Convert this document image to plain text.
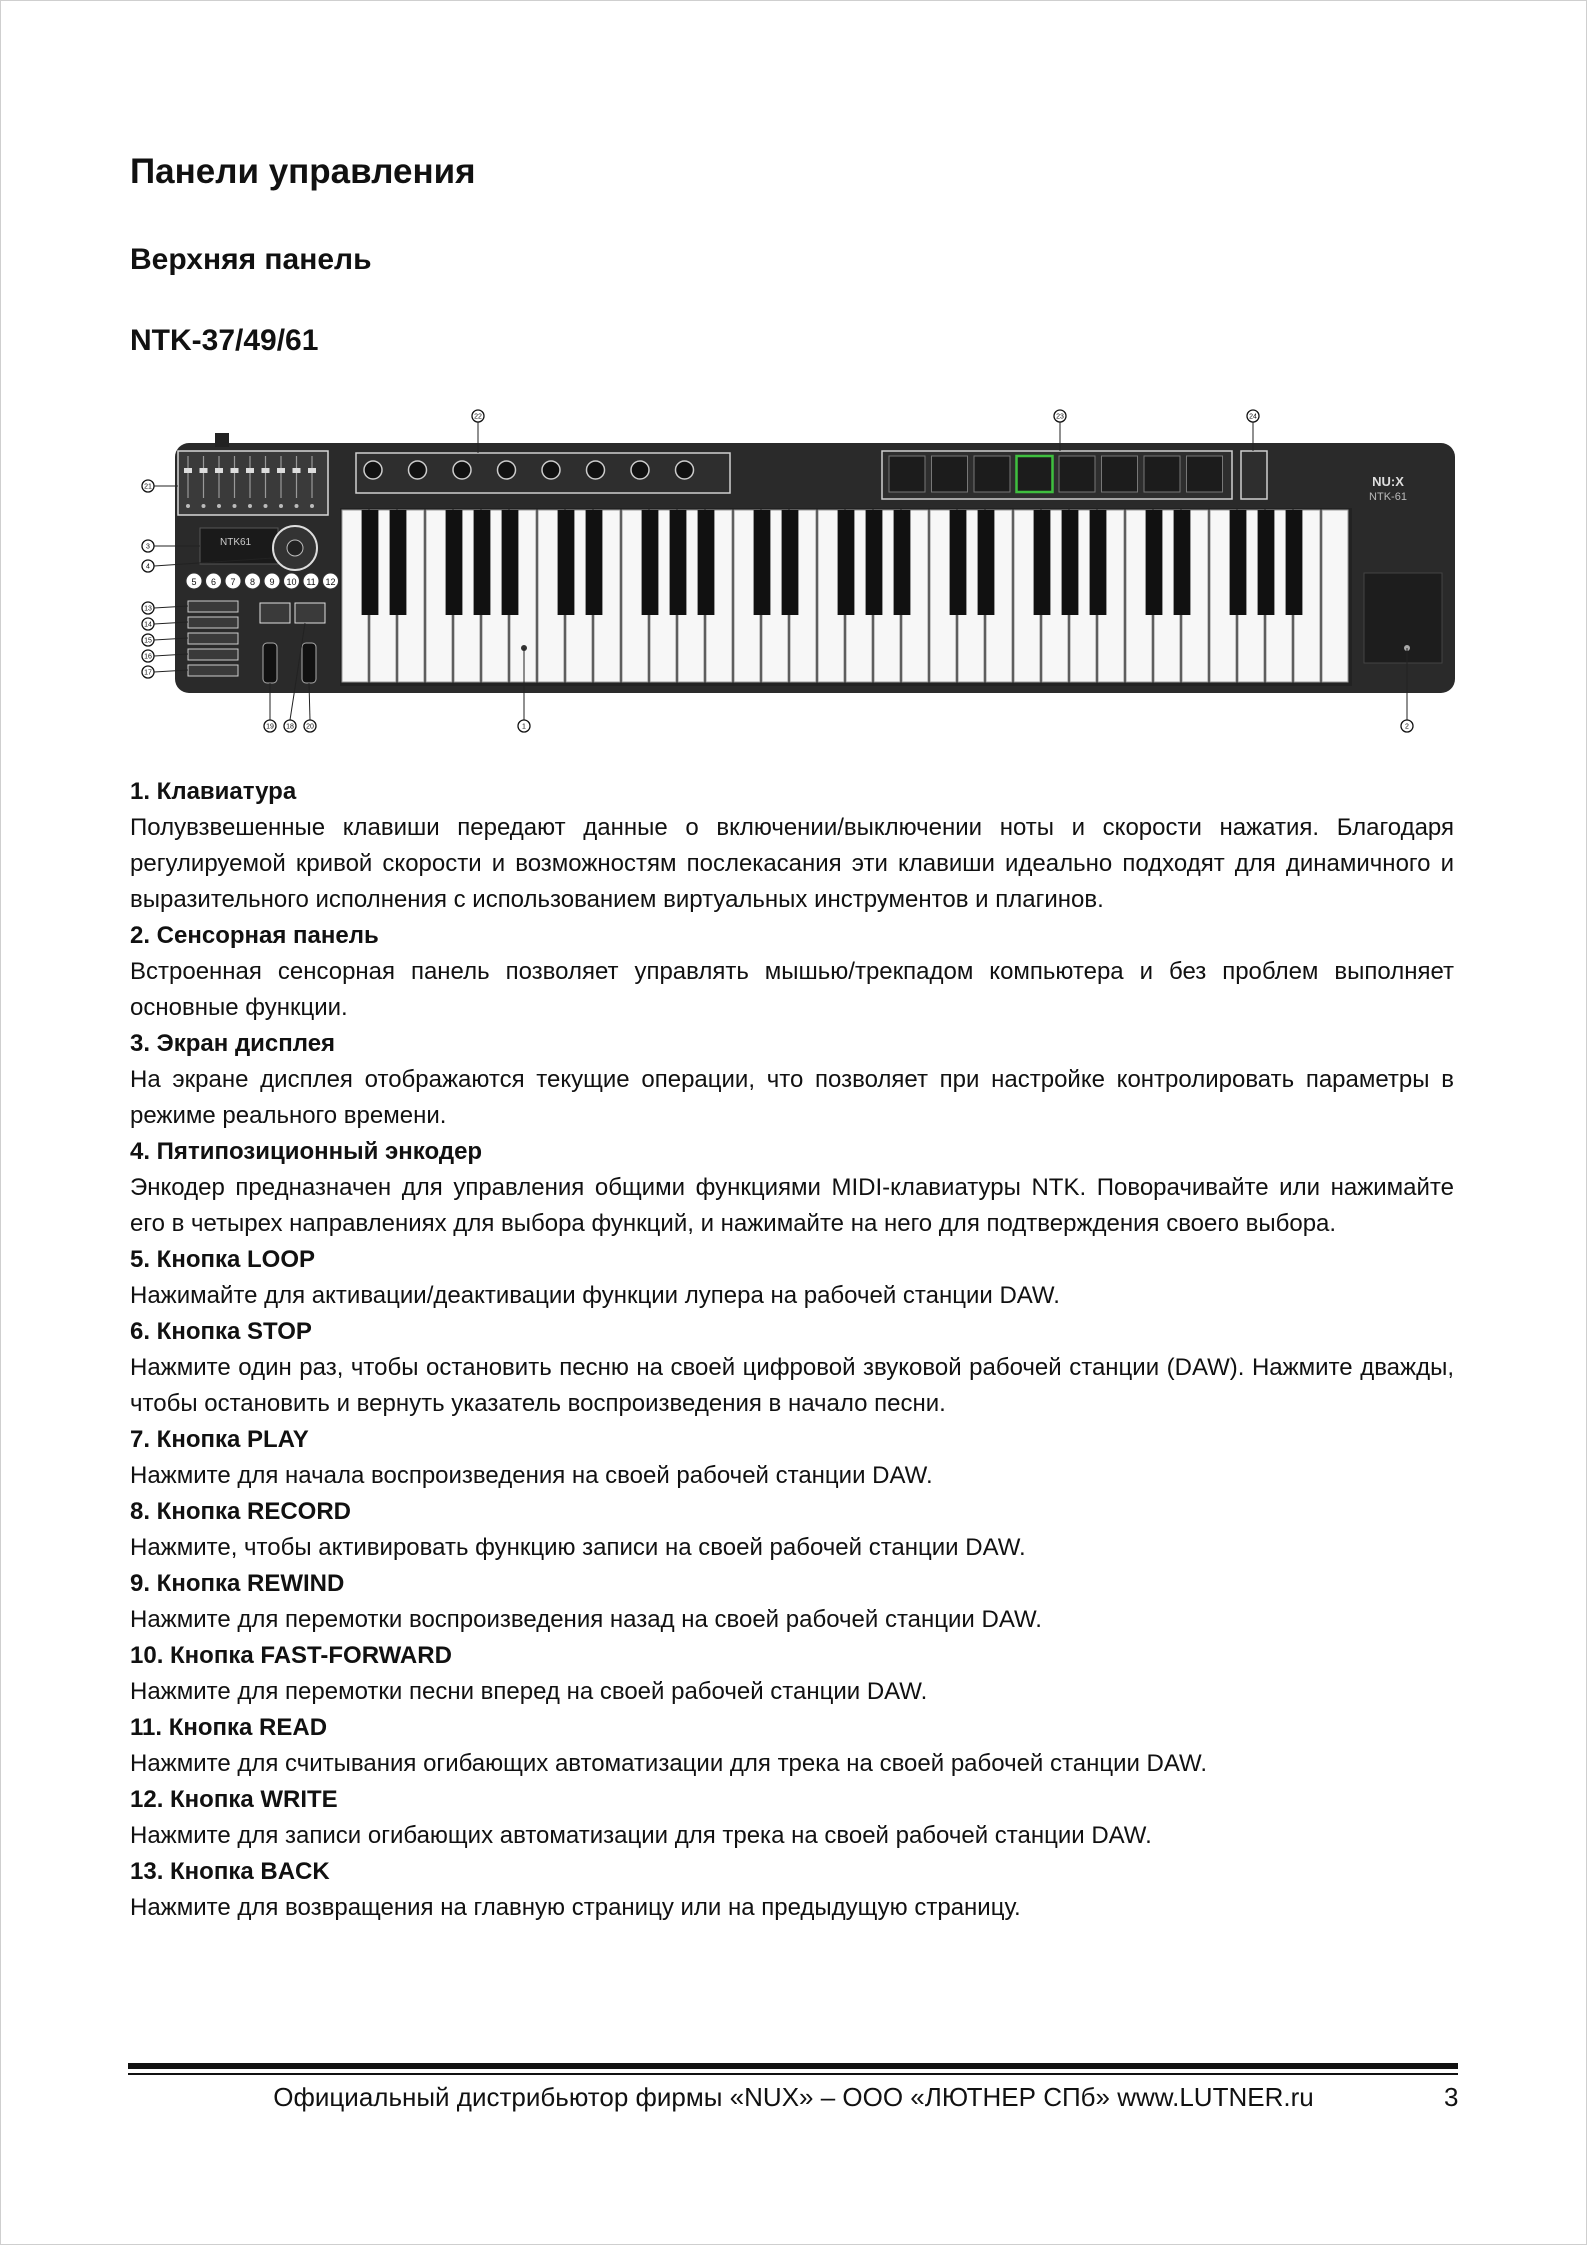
Панели управления
Верхняя панель
NTK-37/49/61
NU:X
NTK-61
NTK61
5 6 7 8 9 10 11 12
1	2
3
4
13
14
15
16
17
19 18 20
21
22	23	24
1. Клавиатура
Полувзвешенные клавиши передают данные о включении/выключении ноты и скорости нажатия. Благодаря регулируемой кривой скорости и возможностям послекасания эти клавиши идеально подходят для динамичного и выразительного исполнения с использованием виртуальных инструментов и плагинов.
2. Сенсорная панель
Встроенная сенсорная панель позволяет управлять мышью/трекпадом компьютера и без проблем выполняет основные функции.
3. Экран дисплея
На экране дисплея отображаются текущие операции, что позволяет при настройке контролировать параметры в режиме реального времени.
4. Пятипозиционный энкодер
Энкодер предназначен для управления общими функциями MIDI-клавиатуры NTK. Поворачивайте или нажимайте его в четырех направлениях для выбора функций, и нажимайте на него для подтверждения своего выбора.
5. Кнопка LOOP
Нажимайте для активации/деактивации функции лупера на рабочей станции DAW.
6. Кнопка STOP
Нажмите один раз, чтобы остановить песню на своей цифровой звуковой рабочей станции (DAW). Нажмите дважды, чтобы остановить и вернуть указатель воспроизведения в начало песни.
7. Кнопка PLAY
Нажмите для начала воспроизведения на своей рабочей станции DAW.
8. Кнопка RECORD
Нажмите, чтобы активировать функцию записи на своей рабочей станции DAW.
9. Кнопка REWIND
Нажмите для перемотки воспроизведения назад на своей рабочей станции DAW.
10. Кнопка FAST-FORWARD
Нажмите для перемотки песни вперед на своей рабочей станции DAW.
11. Кнопка READ
Нажмите для считывания огибающих автоматизации для трека на своей рабочей станции DAW.
12. Кнопка WRITE
Нажмите для записи огибающих автоматизации для трека на своей рабочей станции DAW.
13. Кнопка BACK
Нажмите для возвращения на главную страницу или на предыдущую страницу.
Официальный дистрибьютор фирмы «NUX» – ООО «ЛЮТНЕР СПб» www.LUTNER.ru	3
